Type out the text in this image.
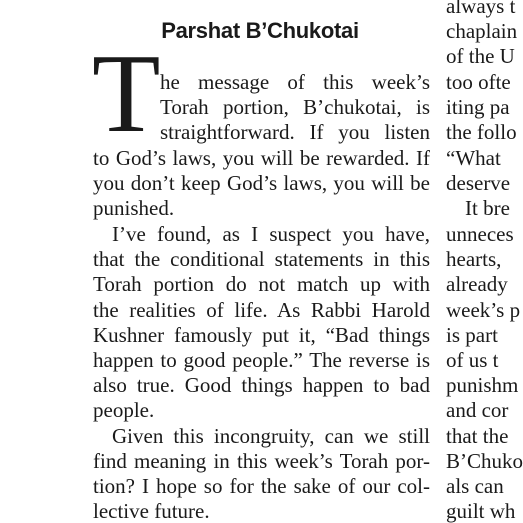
Parshat B’Chukotai
T he message of this week’s
Torah portion, B’chukotai, is
straightforward. If you listen
to God’s laws, you will be rewarded. If
you don’t keep God’s laws, you will be
punished.
I’ve found, as I suspect you have,
that the conditional statements in this
Torah portion do not match up with
the realities of life. As Rabbi Harold
Kushner famously put it, “Bad things
happen to good people.” The reverse is
also true. Good things happen to bad
people.
Given this incongruity, can we still
find meaning in this week’s Torah por-
tion? I hope so for the sake of our col-
lective future.
always t
chaplain
of the U
too ofte
iting pa
the follo
“What
deserve
It bre
unneces
hearts,
already
week’s p
is part
of us t
punishm
and cor
that the
B’Chuko
als can
guilt wh
